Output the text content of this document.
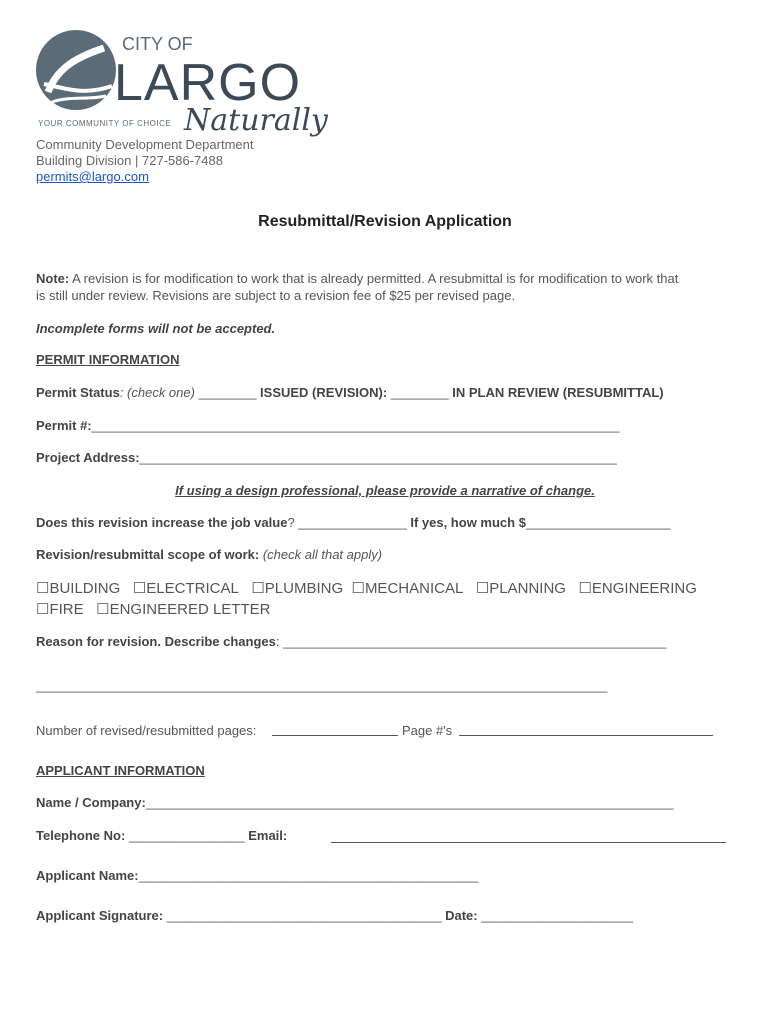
CITY OF
LARGO
YOUR COMMUNITY OF CHOICE Naturally
Community Development Department
Building Division | 727-586-7488
permits@largo.com
Resubmittal/Revision Application
Note: A revision is for modification to work that is already permitted. A resubmittal is for modification to work that
is still under review. Revisions are subject to a revision fee of $25 per revised page.
Incomplete forms will not be accepted.
PERMIT INFORMATION
Permit Status: (check one) ________ ISSUED (REVISION): ________ IN PLAN REVIEW (RESUBMITTAL)
Permit #:_________________________________________________________________________
Project Address:__________________________________________________________________
If using a design professional, please provide a narrative of change.
Does this revision increase the job value? _______________ If yes, how much $____________________
Revision/resubmittal scope of work: (check all that apply)
☐BUILDING ☐ELECTRICAL ☐PLUMBING ☐MECHANICAL ☐PLANNING ☐ENGINEERING
☐FIRE ☐ENGINEERED LETTER
Reason for revision. Describe changes: _____________________________________________________
_______________________________________________________________________________
Number of revised/resubmitted pages:	Page #'s
APPLICANT INFORMATION
Name / Company:_________________________________________________________________________
Telephone No: ________________ Email:
Applicant Name:_______________________________________________
Applicant Signature: ______________________________________ Date: _____________________
